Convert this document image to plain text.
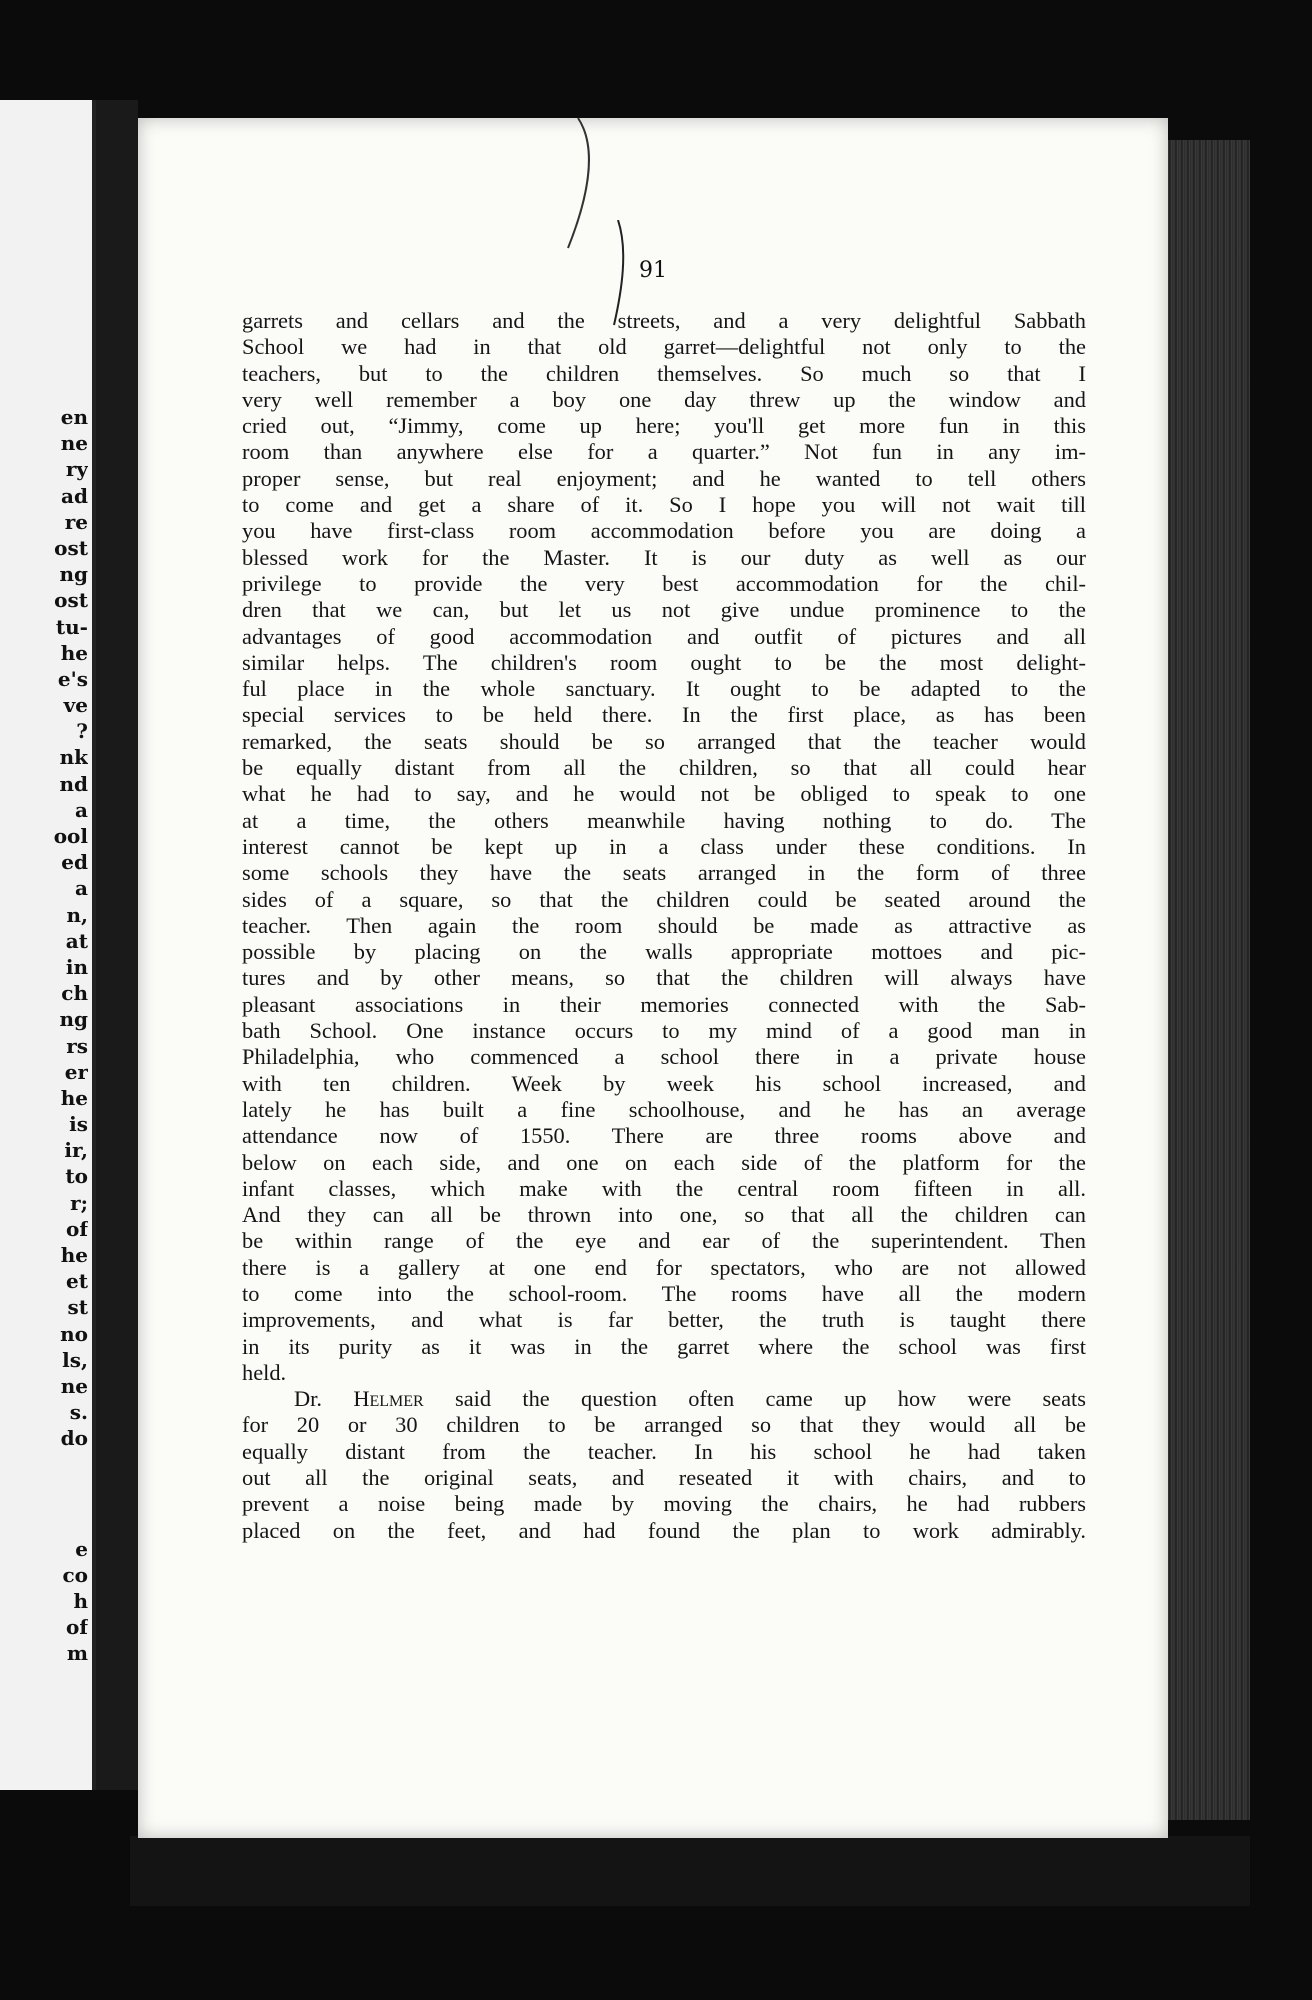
en
ne
ry
ad
re
ost
ng
ost
tu-
he
e's
ve
?
nk
nd
a
ool
ed
a
n,
at
in
ch
ng
rs
er
he
is
ir,
to
r;
of
he
et
st
no
ls,
ne
s.
do
e
co
h
of
m

91

garrets and cellars and the streets, and a very delightful Sabbath
School we had in that old garret—delightful not only to the
teachers, but to the children themselves. So much so that I
very well remember a boy one day threw up the window and
cried out, “Jimmy, come up here; you'll get more fun in this
room than anywhere else for a quarter.” Not fun in any im-
proper sense, but real enjoyment; and he wanted to tell others
to come and get a share of it. So I hope you will not wait till
you have first-class room accommodation before you are doing a
blessed work for the Master. It is our duty as well as our
privilege to provide the very best accommodation for the chil-
dren that we can, but let us not give undue prominence to the
advantages of good accommodation and outfit of pictures and all
similar helps. The children's room ought to be the most delight-
ful place in the whole sanctuary. It ought to be adapted to the
special services to be held there. In the first place, as has been
remarked, the seats should be so arranged that the teacher would
be equally distant from all the children, so that all could hear
what he had to say, and he would not be obliged to speak to one
at a time, the others meanwhile having nothing to do. The
interest cannot be kept up in a class under these conditions. In
some schools they have the seats arranged in the form of three
sides of a square, so that the children could be seated around the
teacher. Then again the room should be made as attractive as
possible by placing on the walls appropriate mottoes and pic-
tures and by other means, so that the children will always have
pleasant associations in their memories connected with the Sab-
bath School. One instance occurs to my mind of a good man in
Philadelphia, who commenced a school there in a private house
with ten children. Week by week his school increased, and
lately he has built a fine schoolhouse, and he has an average
attendance now of 1550. There are three rooms above and
below on each side, and one on each side of the platform for the
infant classes, which make with the central room fifteen in all.
And they can all be thrown into one, so that all the children can
be within range of the eye and ear of the superintendent. Then
there is a gallery at one end for spectators, who are not allowed
to come into the school-room. The rooms have all the modern
improvements, and what is far better, the truth is taught there
in its purity as it was in the garret where the school was first
held.
Dr. Helmer said the question often came up how were seats
for 20 or 30 children to be arranged so that they would all be
equally distant from the teacher. In his school he had taken
out all the original seats, and reseated it with chairs, and to
prevent a noise being made by moving the chairs, he had rubbers
placed on the feet, and had found the plan to work admirably.
